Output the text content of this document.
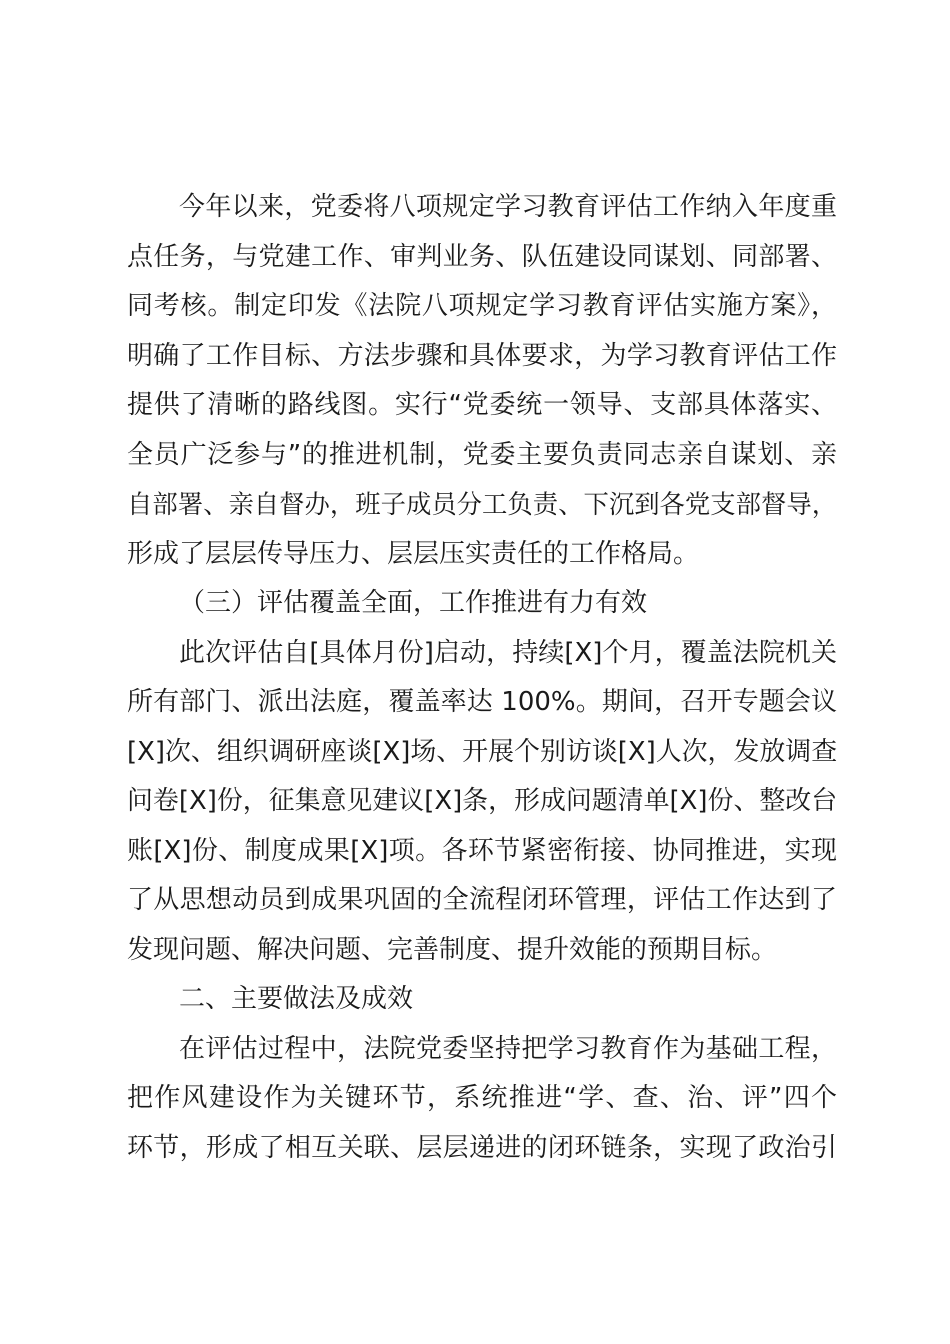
今年以来，党委将八项规定学习教育评估工作纳入年度重
点任务，与党建工作、审判业务、队伍建设同谋划、同部署、
同考核。制定印发《法院八项规定学习教育评估实施方案》，
明确了工作目标、方法步骤和具体要求，为学习教育评估工作
提供了清晰的路线图。实行“党委统一领导、支部具体落实、
全员广泛参与”的推进机制，党委主要负责同志亲自谋划、亲
自部署、亲自督办，班子成员分工负责、下沉到各党支部督导，
形成了层层传导压力、层层压实责任的工作格局。
（三）评估覆盖全面，工作推进有力有效
此次评估自[具体月份]启动，持续[X]个月，覆盖法院机关
所有部门、派出法庭，覆盖率达 100%。期间，召开专题会议
[X]次、组织调研座谈[X]场、开展个别访谈[X]人次，发放调查
问卷[X]份，征集意见建议[X]条，形成问题清单[X]份、整改台
账[X]份、制度成果[X]项。各环节紧密衔接、协同推进，实现
了从思想动员到成果巩固的全流程闭环管理，评估工作达到了
发现问题、解决问题、完善制度、提升效能的预期目标。
二、主要做法及成效
在评估过程中，法院党委坚持把学习教育作为基础工程，
把作风建设作为关键环节，系统推进“学、查、治、评”四个
环节，形成了相互关联、层层递进的闭环链条，实现了政治引
